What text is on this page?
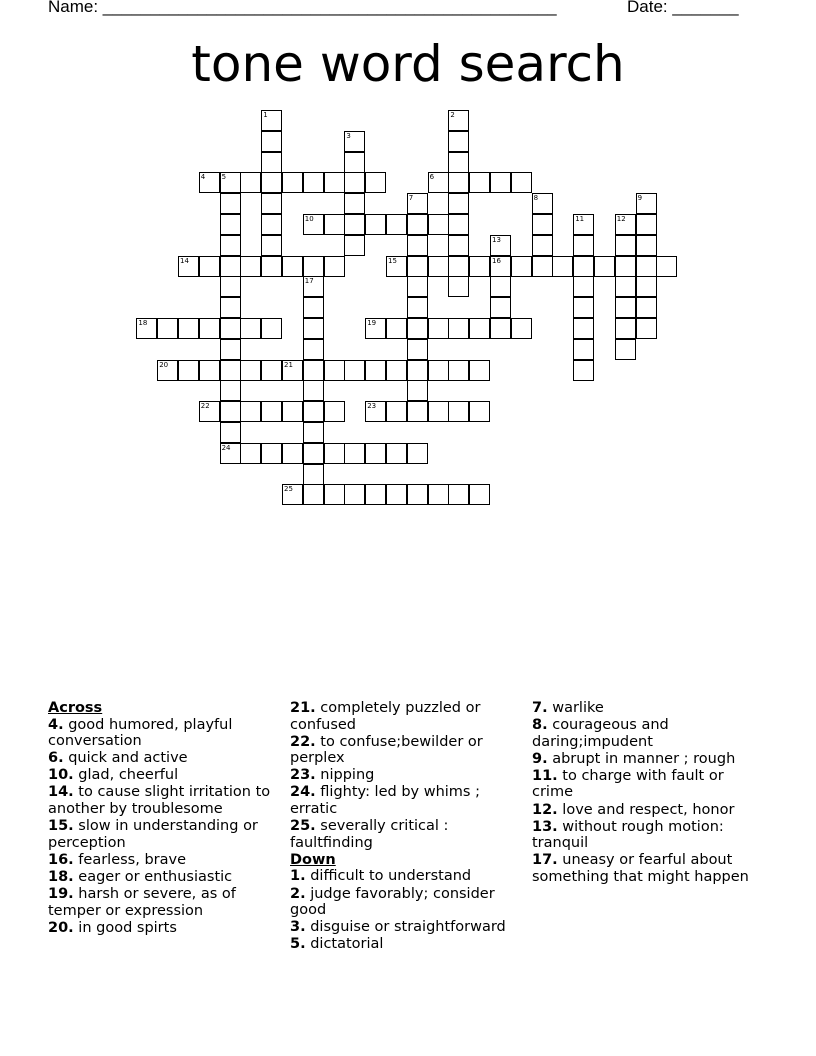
Name: ________________________________________________	Date: _______
tone word search
4	6
10
14	15	16
18	19
20	21
22	23
24
25
1	2
3
5
7	8	9
11	12
13
17
Across
4. good humored, playful conversation
6. quick and active
10. glad, cheerful
14. to cause slight irritation to another by troublesome
15. slow in understanding or perception
16. fearless, brave
18. eager or enthusiastic
19. harsh or severe, as of temper or expression
20. in good spirts
21. completely puzzled or confused
22. to confuse;bewilder or perplex
23. nipping
24. flighty: led by whims ; erratic
25. severally critical : faultfinding
Down
1. difficult to understand
2. judge favorably; consider good
3. disguise or straightforward
5. dictatorial
7. warlike
8. courageous and daring;impudent
9. abrupt in manner ; rough
11. to charge with fault or crime
12. love and respect, honor
13. without rough motion: tranquil
17. uneasy or fearful about something that might happen
